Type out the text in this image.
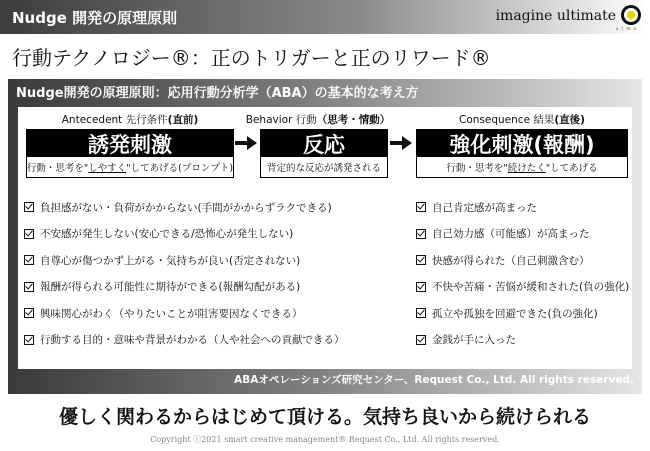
Nudge 開発の原理原則	imagine ultimate
u t m a
行動テクノロジー®：正のトリガーと正のリワード®
Nudge開発の原理原則：応用行動分析学（ABA）の基本的な考え方
Antecedent 先行条件(直前)
誘発刺激
行動・思考を" しやすく "してあげる(プロンプト)
Behavior 行動（思考・情動）
反応
背定的な反応が誘発される
Consequence 結果(直後)
強化刺激(報酬)
行動・思考を" 続けたく "してあげる
負担感がない・負荷がかからない(手間がかからずラクできる)
不安感が発生しない(安心できる/恐怖心が発生しない)
自尊心が傷つかず上がる・気持ちが良い(否定されない)
報酬が得られる可能性に期待ができる(報酬勾配がある)
興味関心がわく（やりたいことが阻害要因なくできる）
行動する目的・意味や背景がわかる（人や社会への貢献できる）
自己肯定感が高まった
自己効力感（可能感）が高まった
快感が得られた（自己刺激含む）
不快や苦痛・苦悩が緩和された(負の強化)
孤立や孤独を回避できた(負の強化)
金銭が手に入った
ABAオペレーションズ研究センター、Request Co., Ltd. All rights reserved.
優しく関わるからはじめて頂ける。気持ち良いから続けられる
Copyright ⓒ2021 smart creative management® Request Co., Ltd. All rights reserved.
